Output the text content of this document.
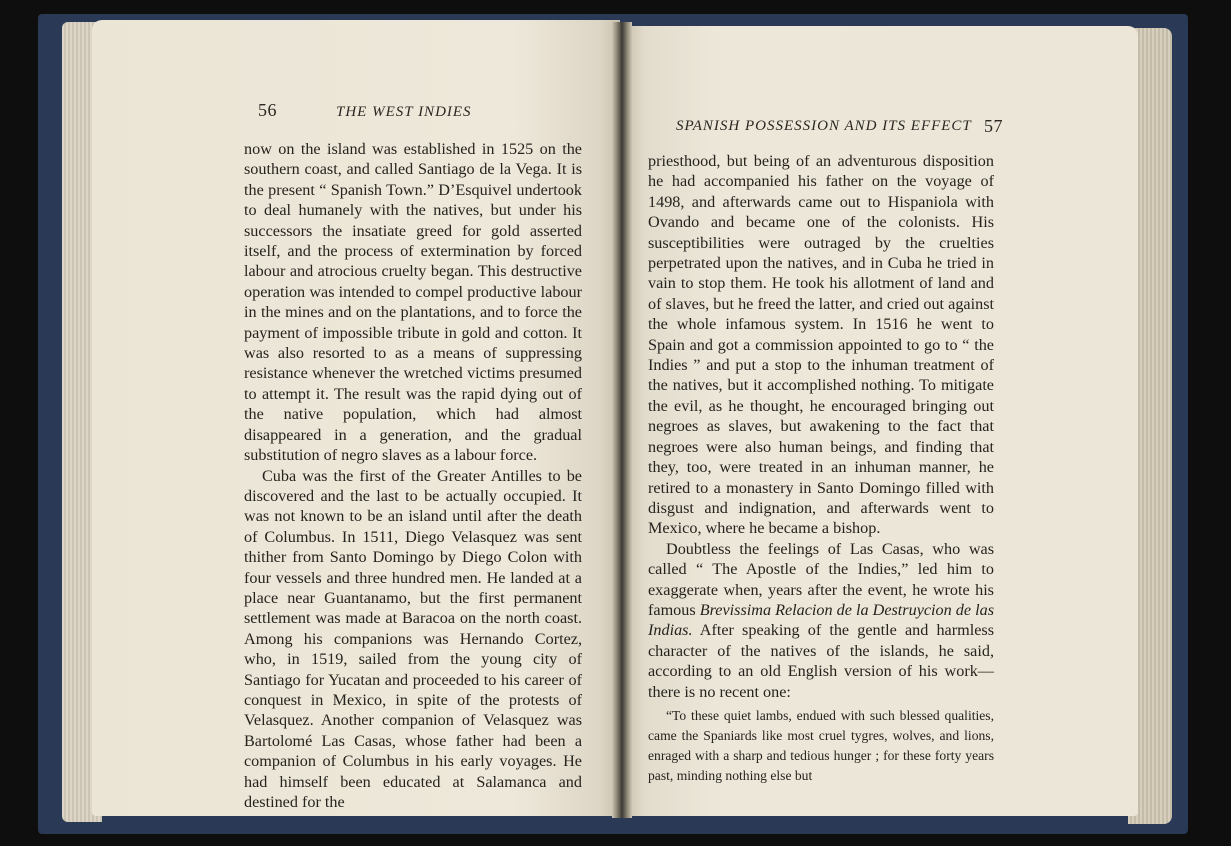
56	THE WEST INDIES

now on the island was established in 1525 on the southern coast, and called Santiago de la Vega. It is the present “ Spanish Town.” D’Esquivel undertook to deal humanely with the natives, but under his successors the insatiate greed for gold asserted itself, and the process of extermination by forced labour and atrocious cruelty began. This destructive operation was intended to compel productive labour in the mines and on the plantations, and to force the payment of impossible tribute in gold and cotton. It was also resorted to as a means of suppressing resistance whenever the wretched victims presumed to attempt it. The result was the rapid dying out of the native population, which had almost disappeared in a generation, and the gradual substitution of negro slaves as a labour force.

Cuba was the first of the Greater Antilles to be discovered and the last to be actually occupied. It was not known to be an island until after the death of Columbus. In 1511, Diego Velasquez was sent thither from Santo Domingo by Diego Colon with four vessels and three hundred men. He landed at a place near Guantanamo, but the first permanent settlement was made at Baracoa on the north coast. Among his companions was Hernando Cortez, who, in 1519, sailed from the young city of Santiago for Yucatan and proceeded to his career of conquest in Mexico, in spite of the protests of Velasquez. Another companion of Velasquez was Bartolomé Las Casas, whose father had been a companion of Columbus in his early voyages. He had himself been educated at Salamanca and destined for the

SPANISH POSSESSION AND ITS EFFECT 57

priesthood, but being of an adventurous disposition he had accompanied his father on the voyage of 1498, and afterwards came out to Hispaniola with Ovando and became one of the colonists. His susceptibilities were outraged by the cruelties perpetrated upon the natives, and in Cuba he tried in vain to stop them. He took his allotment of land and of slaves, but he freed the latter, and cried out against the whole infamous system. In 1516 he went to Spain and got a commission appointed to go to “ the Indies ” and put a stop to the inhuman treatment of the natives, but it accomplished nothing. To mitigate the evil, as he thought, he encouraged bringing out negroes as slaves, but awakening to the fact that negroes were also human beings, and finding that they, too, were treated in an inhuman manner, he retired to a monastery in Santo Domingo filled with disgust and indignation, and afterwards went to Mexico, where he became a bishop.

Doubtless the feelings of Las Casas, who was called “ The Apostle of the Indies,” led him to exaggerate when, years after the event, he wrote his famous Brevissima Relacion de la Destruycion de las Indias. After speaking of the gentle and harmless character of the natives of the islands, he said, according to an old English version of his work—there is no recent one:

“To these quiet lambs, endued with such blessed qualities, came the Spaniards like most cruel tygres, wolves, and lions, enraged with a sharp and tedious hunger ; for these forty years past, minding nothing else but
